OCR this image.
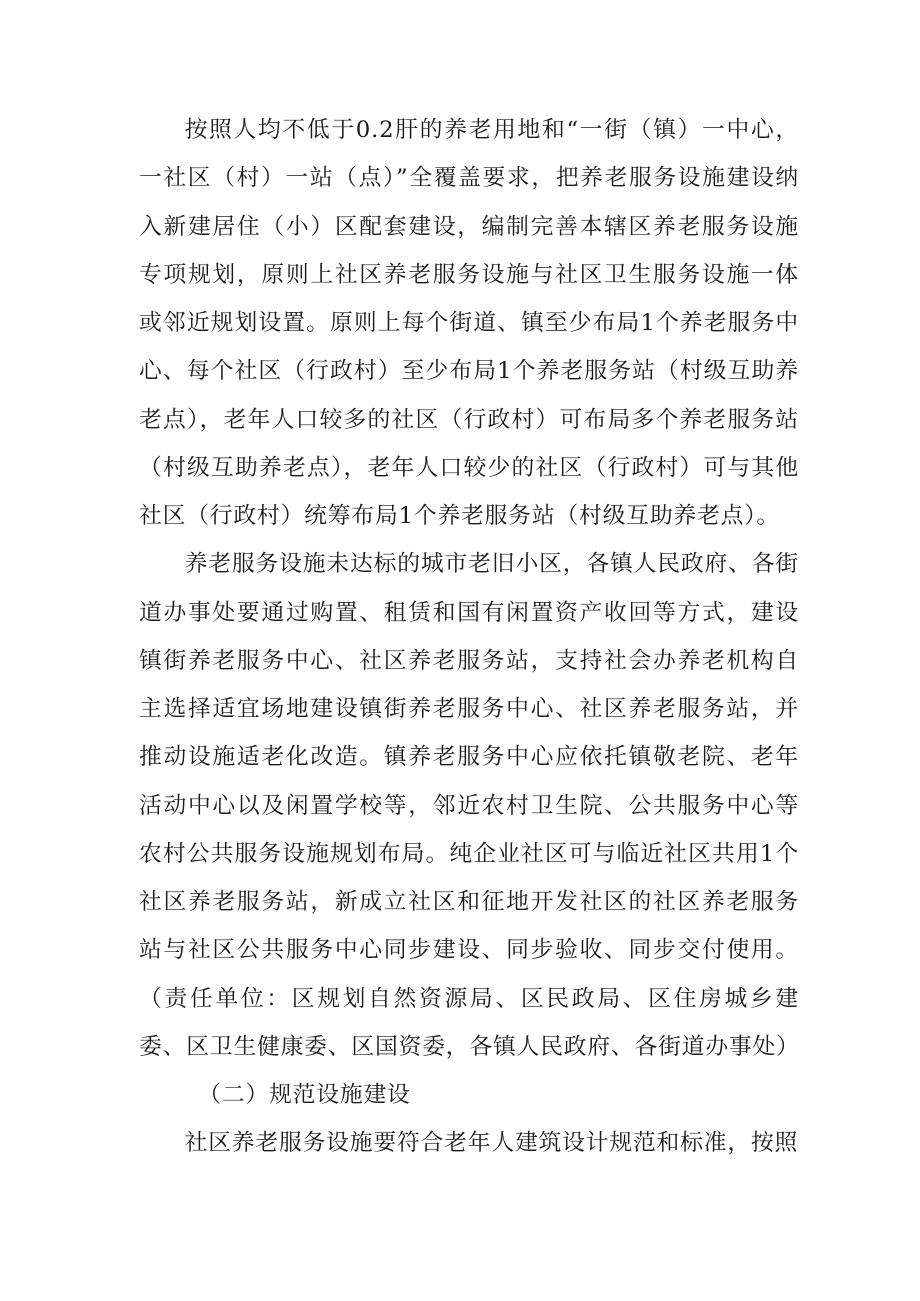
按照人均不低于0.2肝的养老用地和“一街（镇）一中心，一社区（村）一站（点）”全覆盖要求，把养老服务设施建设纳入新建居住（小）区配套建设，编制完善本辖区养老服务设施专项规划，原则上社区养老服务设施与社区卫生服务设施一体或邻近规划设置。原则上每个街道、镇至少布局1个养老服务中心、每个社区（行政村）至少布局1个养老服务站（村级互助养老点），老年人口较多的社区（行政村）可布局多个养老服务站（村级互助养老点），老年人口较少的社区（行政村）可与其他社区（行政村）统筹布局1个养老服务站（村级互助养老点）。

养老服务设施未达标的城市老旧小区，各镇人民政府、各街道办事处要通过购置、租赁和国有闲置资产收回等方式，建设镇街养老服务中心、社区养老服务站，支持社会办养老机构自主选择适宜场地建设镇街养老服务中心、社区养老服务站，并推动设施适老化改造。镇养老服务中心应依托镇敬老院、老年活动中心以及闲置学校等，邻近农村卫生院、公共服务中心等农村公共服务设施规划布局。纯企业社区可与临近社区共用1个社区养老服务站，新成立社区和征地开发社区的社区养老服务站与社区公共服务中心同步建设、同步验收、同步交付使用。（责任单位：区规划自然资源局、区民政局、区住房城乡建委、区卫生健康委、区国资委，各镇人民政府、各街道办事处）

（二）规范设施建设

社区养老服务设施要符合老年人建筑设计规范和标准，按照
